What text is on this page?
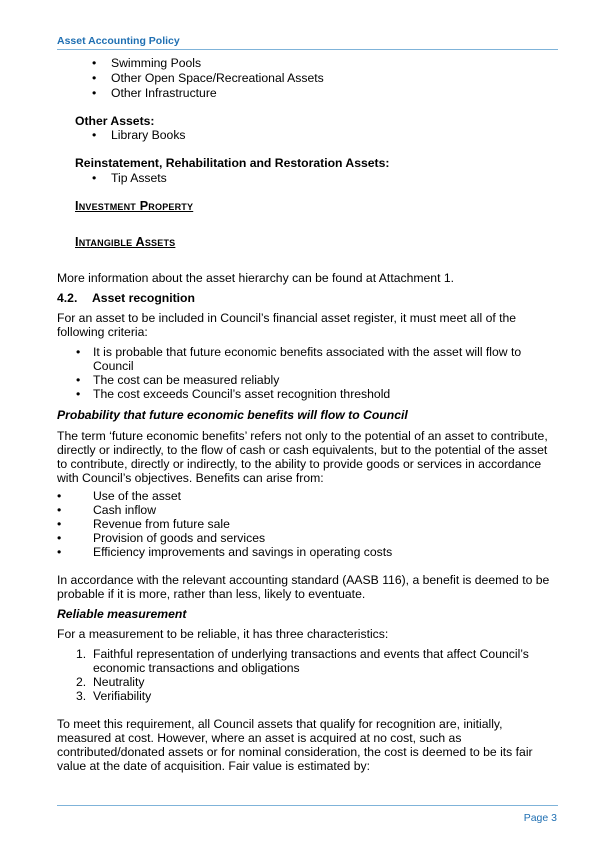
Asset Accounting Policy
• Swimming Pools
• Other Open Space/Recreational Assets
• Other Infrastructure
Other Assets:
• Library Books
Reinstatement, Rehabilitation and Restoration Assets:
• Tip Assets
Investment Property
Intangible Assets
More information about the asset hierarchy can be found at Attachment 1.
4.2. Asset recognition
For an asset to be included in Council’s financial asset register, it must meet all of the
following criteria:
• It is probable that future economic benefits associated with the asset will flow to
Council
• The cost can be measured reliably
• The cost exceeds Council’s asset recognition threshold
Probability that future economic benefits will flow to Council
The term ‘future economic benefits’ refers not only to the potential of an asset to contribute,
directly or indirectly, to the flow of cash or cash equivalents, but to the potential of the asset
to contribute, directly or indirectly, to the ability to provide goods or services in accordance
with Council’s objectives. Benefits can arise from:
•	Use of the asset
•	Cash inflow
•	Revenue from future sale
•	Provision of goods and services
•	Efficiency improvements and savings in operating costs
In accordance with the relevant accounting standard (AASB 116), a benefit is deemed to be
probable if it is more, rather than less, likely to eventuate.
Reliable measurement
For a measurement to be reliable, it has three characteristics:
1. Faithful representation of underlying transactions and events that affect Council’s
economic transactions and obligations
2. Neutrality
3. Verifiability
To meet this requirement, all Council assets that qualify for recognition are, initially,
measured at cost. However, where an asset is acquired at no cost, such as
contributed/donated assets or for nominal consideration, the cost is deemed to be its fair
value at the date of acquisition. Fair value is estimated by:
Page 3
